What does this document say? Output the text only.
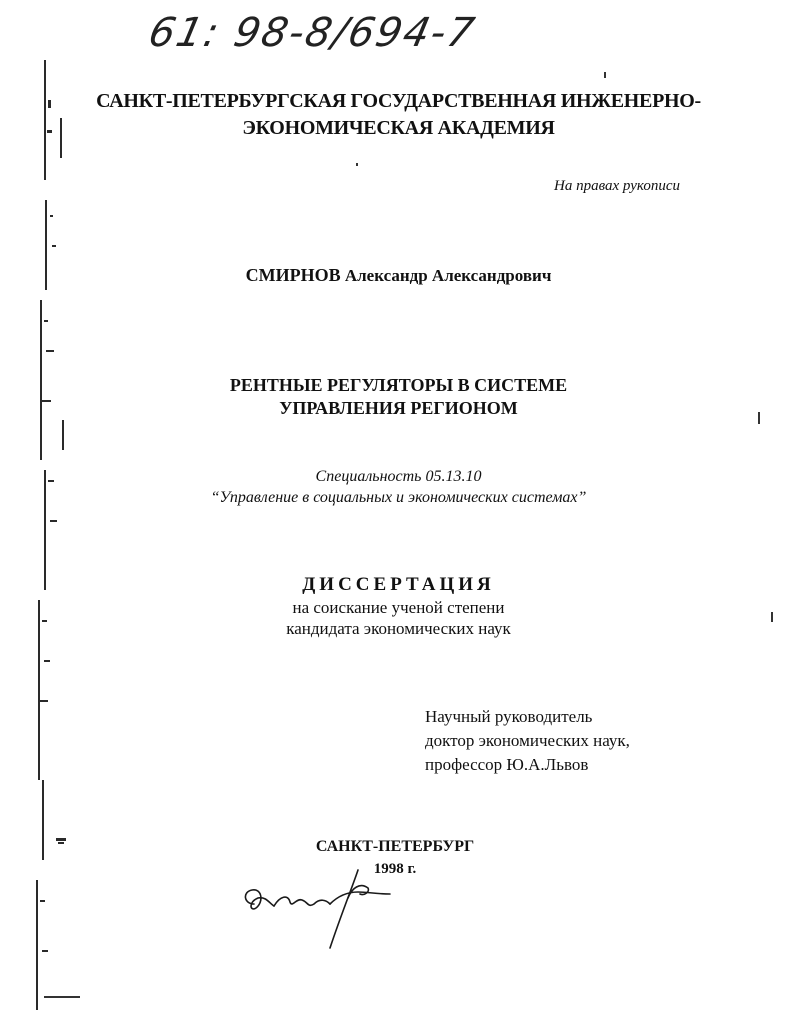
61: 98-8/694-7
САНКТ-ПЕТЕРБУРГСКАЯ ГОСУДАРСТВЕННАЯ ИНЖЕНЕРНО-
ЭКОНОМИЧЕСКАЯ АКАДЕМИЯ
На правах рукописи
СМИРНОВ Александр Александрович
РЕНТНЫЕ РЕГУЛЯТОРЫ В СИСТЕМЕ
УПРАВЛЕНИЯ РЕГИОНОМ
Специальность 05.13.10
“Управление в социальных и экономических системах”
ДИССЕРТАЦИЯ
на соискание ученой степени
кандидата экономических наук
Научный руководитель
доктор экономических наук,
профессор Ю.А.Львов
САНКТ-ПЕТЕРБУРГ
1998 г.
